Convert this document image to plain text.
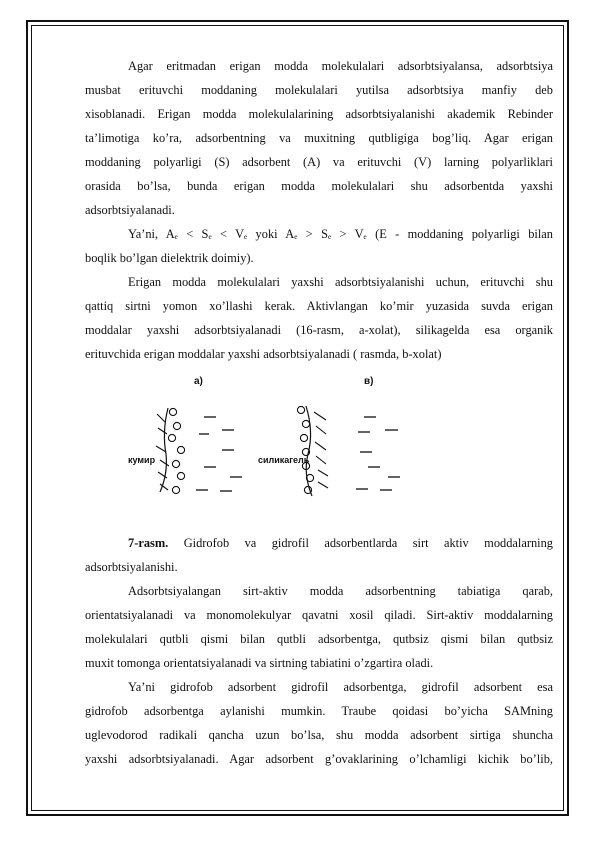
Agar eritmadan erigan modda molekulalari adsorbtsiyalansa, adsorbtsiya
musbat erituvchi moddaning molekulalari yutilsa adsorbtsiya manfiy deb
xisoblanadi. Erigan modda molekulalarining adsorbtsiyalanishi akademik Rebinder
ta’limotiga ko’ra, adsorbentning va muxitning qutbligiga bog’liq. Agar erigan
moddaning polyarligi (S) adsorbent (A) va erituvchi (V) larning polyarliklari
orasida bo’lsa, bunda erigan modda molekulalari shu adsorbentda yaxshi
adsorbtsiyalanadi.
Ya’ni, Aₑ < Sₑ < Vₑ yoki Aₑ > Sₑ > Vₑ (E - moddaning polyarligi bilan
boqlik bo’lgan dielektrik doimiy).
Erigan modda molekulalari yaxshi adsorbtsiyalanishi uchun, erituvchi shu
qattiq sirtni yomon xo’llashi kerak. Aktivlangan ko’mir yuzasida suvda erigan
moddalar yaxshi adsorbtsiyalanadi (16-rasm, a-xolat), silikagelda esa organik
erituvchida erigan moddalar yaxshi adsorbtsiyalanadi ( rasmda, b-xolat)
a)	в)
кумир	силикагель
7-rasm. Gidrofob va gidrofil adsorbentlarda sirt aktiv moddalarning
adsorbtsiyalanishi.
Adsorbtsiyalangan sirt-aktiv modda adsorbentning tabiatiga qarab,
orientatsiyalanadi va monomolekulyar qavatni xosil qiladi. Sirt-aktiv moddalarning
molekulalari qutbli qismi bilan qutbli adsorbentga, qutbsiz qismi bilan qutbsiz
muxit tomonga orientatsiyalanadi va sirtning tabiatini o’zgartira oladi.
Ya’ni gidrofob adsorbent gidrofil adsorbentga, gidrofil adsorbent esa
gidrofob adsorbentga aylanishi mumkin. Traube qoidasi bo’yicha SAMning
uglevodorod radikali qancha uzun bo’lsa, shu modda adsorbent sirtiga shuncha
yaxshi adsorbtsiyalanadi. Agar adsorbent g’ovaklarining o’lchamligi kichik bo’lib,
